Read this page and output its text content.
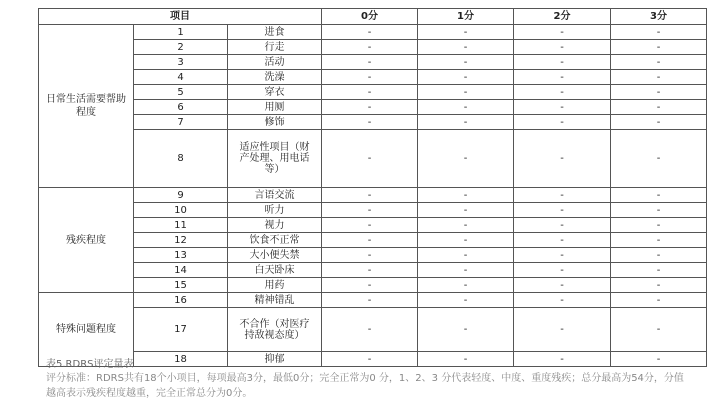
项目			0分	1分	2分	3分
日常生活需要帮助程度	1	进食	-	-	-	-
	2	行走	-	-	-	-
	3	活动	-	-	-	-
	4	洗澡	-	-	-	-
	5	穿衣	-	-	-	-
	6	用厕	-	-	-	-
	7	修饰	-	-	-	-
	8	适应性项目（财产处理、用电话等）	-	-	-	-
残疾程度	9	言语交流	-	-	-	-
	10	听力	-	-	-	-
	11	视力	-	-	-	-
	12	饮食不正常	-	-	-	-
	13	大小便失禁	-	-	-	-
	14	白天卧床	-	-	-	-
	15	用药	-	-	-	-
特殊问题程度	16	精神错乱	-	-	-	-
	17	不合作（对医疗持敌视态度）	-	-	-	-
	18	抑郁	-	-	-	-
表5.RDRS评定量表
评分标准：RDRS共有18个小项目，每项最高3分，最低0分；完全正常为0 分，1、2、3 分代表轻度、中度、重度残疾；总分最高为54分，分值越高表示残疾程度越重，完全正常总分为0分。
